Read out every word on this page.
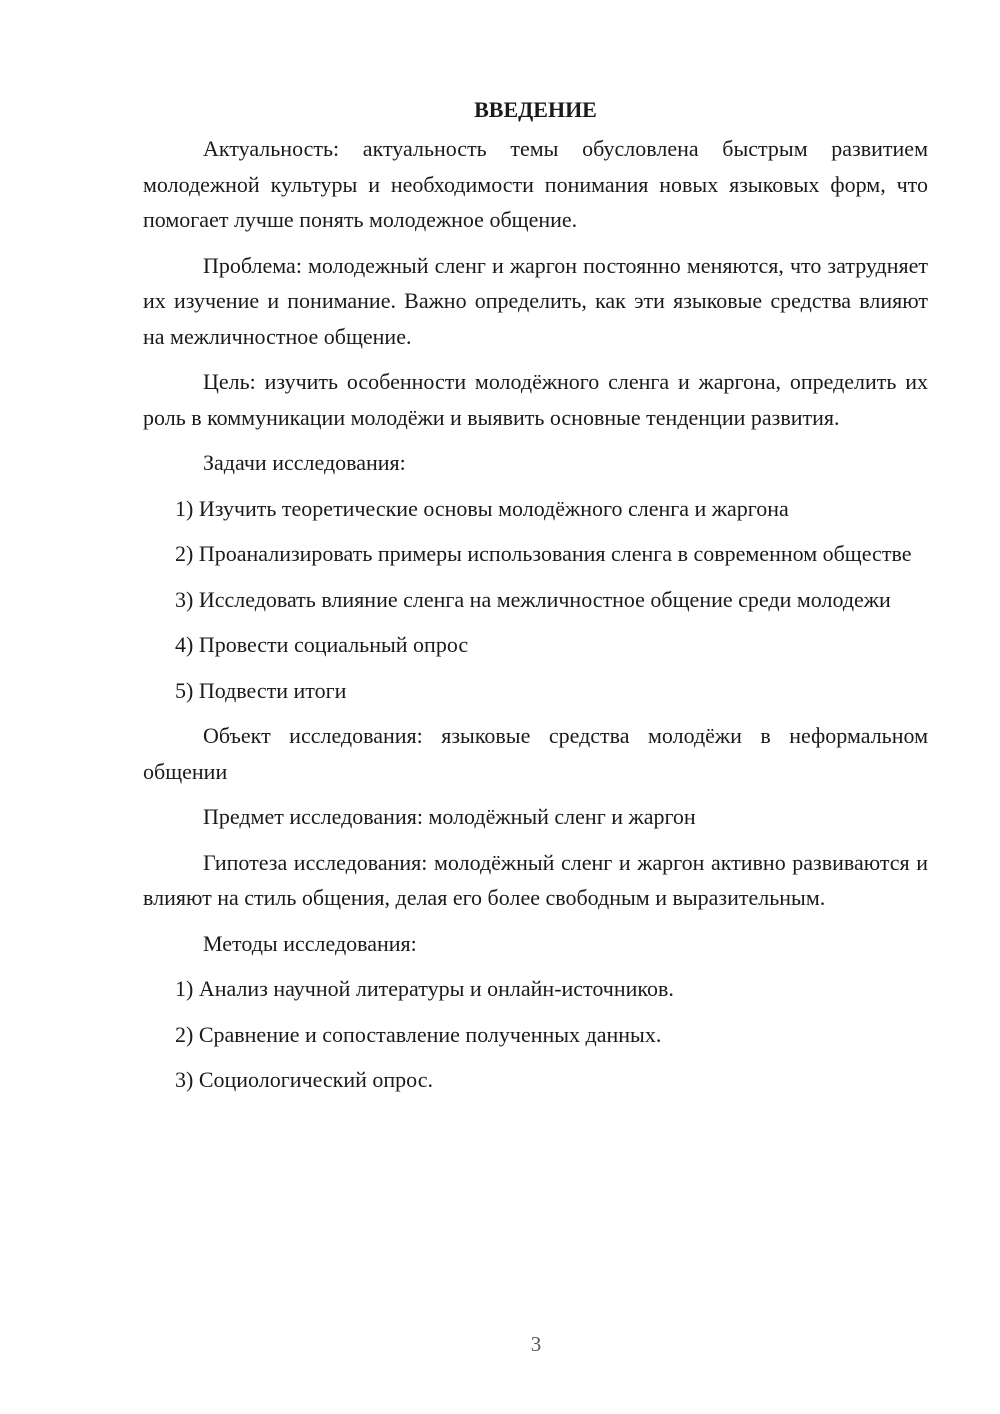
ВВЕДЕНИЕ

Актуальность: актуальность темы обусловлена быстрым развитием молодежной культуры и необходимости понимания новых языковых форм, что помогает лучше понять молодежное общение.

Проблема: молодежный сленг и жаргон постоянно меняются, что затрудняет их изучение и понимание. Важно определить, как эти языковые средства влияют на межличностное общение.

Цель: изучить особенности молодёжного сленга и жаргона, определить их роль в коммуникации молодёжи и выявить основные тенденции развития.

Задачи исследования:

1) Изучить теоретические основы молодёжного сленга и жаргона

2) Проанализировать примеры использования сленга в современном обществе

3) Исследовать влияние сленга на межличностное общение среди молодежи

4) Провести социальный опрос

5) Подвести итоги

Объект исследования: языковые средства молодёжи в неформальном общении

Предмет исследования: молодёжный сленг и жаргон

Гипотеза исследования: молодёжный сленг и жаргон активно развиваются и влияют на стиль общения, делая его более свободным и выразительным.

Методы исследования:

1) Анализ научной литературы и онлайн-источников.

2) Сравнение и сопоставление полученных данных.

3) Социологический опрос.

3
